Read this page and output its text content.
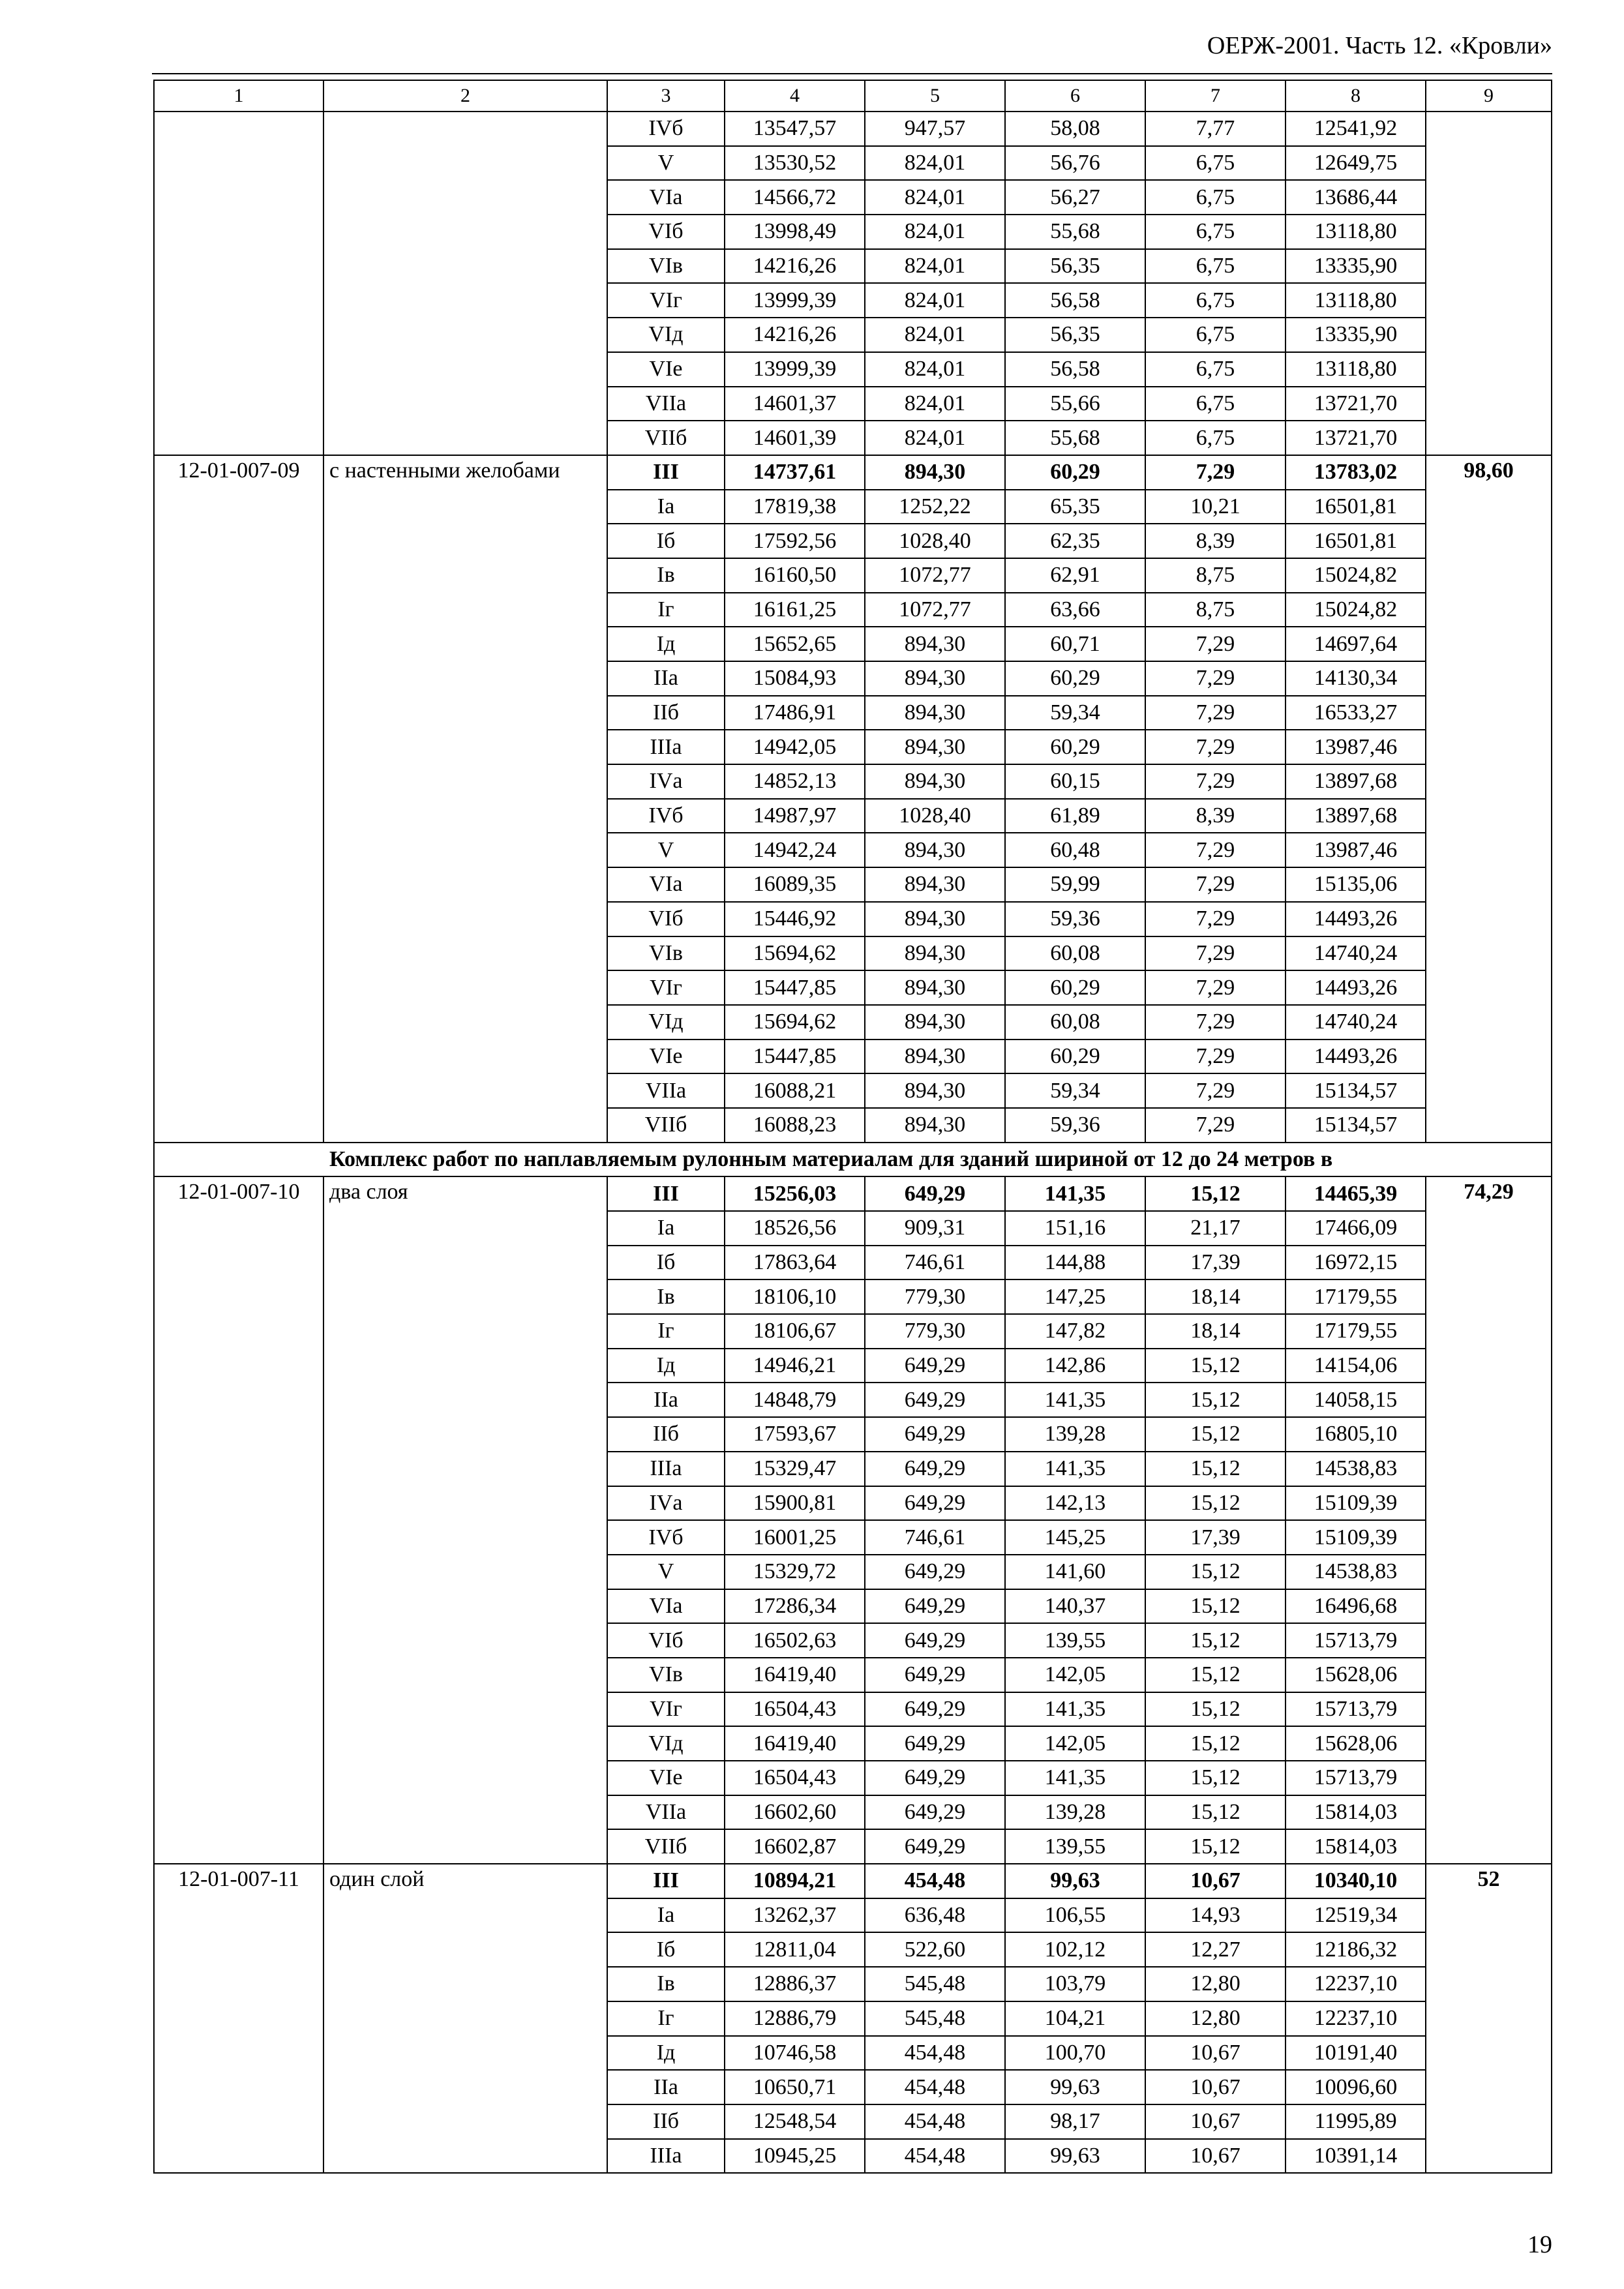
ОЕРЖ-2001. Часть 12. «Кровли»
1	2	3	4	5	6	7	8	9
		IVб	13547,57	947,57	58,08	7,77	12541,92	
		V	13530,52	824,01	56,76	6,75	12649,75	
		VIа	14566,72	824,01	56,27	6,75	13686,44	
		VIб	13998,49	824,01	55,68	6,75	13118,80	
		VIв	14216,26	824,01	56,35	6,75	13335,90	
		VIг	13999,39	824,01	56,58	6,75	13118,80	
		VIд	14216,26	824,01	56,35	6,75	13335,90	
		VIе	13999,39	824,01	56,58	6,75	13118,80	
		VIIа	14601,37	824,01	55,66	6,75	13721,70	
		VIIб	14601,39	824,01	55,68	6,75	13721,70	
12-01-007-09	с настенными желобами	III	14737,61	894,30	60,29	7,29	13783,02	98,60
		Iа	17819,38	1252,22	65,35	10,21	16501,81	
		Iб	17592,56	1028,40	62,35	8,39	16501,81	
		Iв	16160,50	1072,77	62,91	8,75	15024,82	
		Iг	16161,25	1072,77	63,66	8,75	15024,82	
		Iд	15652,65	894,30	60,71	7,29	14697,64	
		IIа	15084,93	894,30	60,29	7,29	14130,34	
		IIб	17486,91	894,30	59,34	7,29	16533,27	
		IIIа	14942,05	894,30	60,29	7,29	13987,46	
		IVа	14852,13	894,30	60,15	7,29	13897,68	
		IVб	14987,97	1028,40	61,89	8,39	13897,68	
		V	14942,24	894,30	60,48	7,29	13987,46	
		VIа	16089,35	894,30	59,99	7,29	15135,06	
		VIб	15446,92	894,30	59,36	7,29	14493,26	
		VIв	15694,62	894,30	60,08	7,29	14740,24	
		VIг	15447,85	894,30	60,29	7,29	14493,26	
		VIд	15694,62	894,30	60,08	7,29	14740,24	
		VIе	15447,85	894,30	60,29	7,29	14493,26	
		VIIа	16088,21	894,30	59,34	7,29	15134,57	
		VIIб	16088,23	894,30	59,36	7,29	15134,57	
Комплекс работ по наплавляемым рулонным материалам для зданий шириной от 12 до 24 метров в								
12-01-007-10	два слоя	III	15256,03	649,29	141,35	15,12	14465,39	74,29
		Iа	18526,56	909,31	151,16	21,17	17466,09	
		Iб	17863,64	746,61	144,88	17,39	16972,15	
		Iв	18106,10	779,30	147,25	18,14	17179,55	
		Iг	18106,67	779,30	147,82	18,14	17179,55	
		Iд	14946,21	649,29	142,86	15,12	14154,06	
		IIа	14848,79	649,29	141,35	15,12	14058,15	
		IIб	17593,67	649,29	139,28	15,12	16805,10	
		IIIа	15329,47	649,29	141,35	15,12	14538,83	
		IVа	15900,81	649,29	142,13	15,12	15109,39	
		IVб	16001,25	746,61	145,25	17,39	15109,39	
		V	15329,72	649,29	141,60	15,12	14538,83	
		VIа	17286,34	649,29	140,37	15,12	16496,68	
		VIб	16502,63	649,29	139,55	15,12	15713,79	
		VIв	16419,40	649,29	142,05	15,12	15628,06	
		VIг	16504,43	649,29	141,35	15,12	15713,79	
		VIд	16419,40	649,29	142,05	15,12	15628,06	
		VIе	16504,43	649,29	141,35	15,12	15713,79	
		VIIа	16602,60	649,29	139,28	15,12	15814,03	
		VIIб	16602,87	649,29	139,55	15,12	15814,03	
12-01-007-11	один слой	III	10894,21	454,48	99,63	10,67	10340,10	52
		Iа	13262,37	636,48	106,55	14,93	12519,34	
		Iб	12811,04	522,60	102,12	12,27	12186,32	
		Iв	12886,37	545,48	103,79	12,80	12237,10	
		Iг	12886,79	545,48	104,21	12,80	12237,10	
		Iд	10746,58	454,48	100,70	10,67	10191,40	
		IIа	10650,71	454,48	99,63	10,67	10096,60	
		IIб	12548,54	454,48	98,17	10,67	11995,89	
		IIIа	10945,25	454,48	99,63	10,67	10391,14	
19
